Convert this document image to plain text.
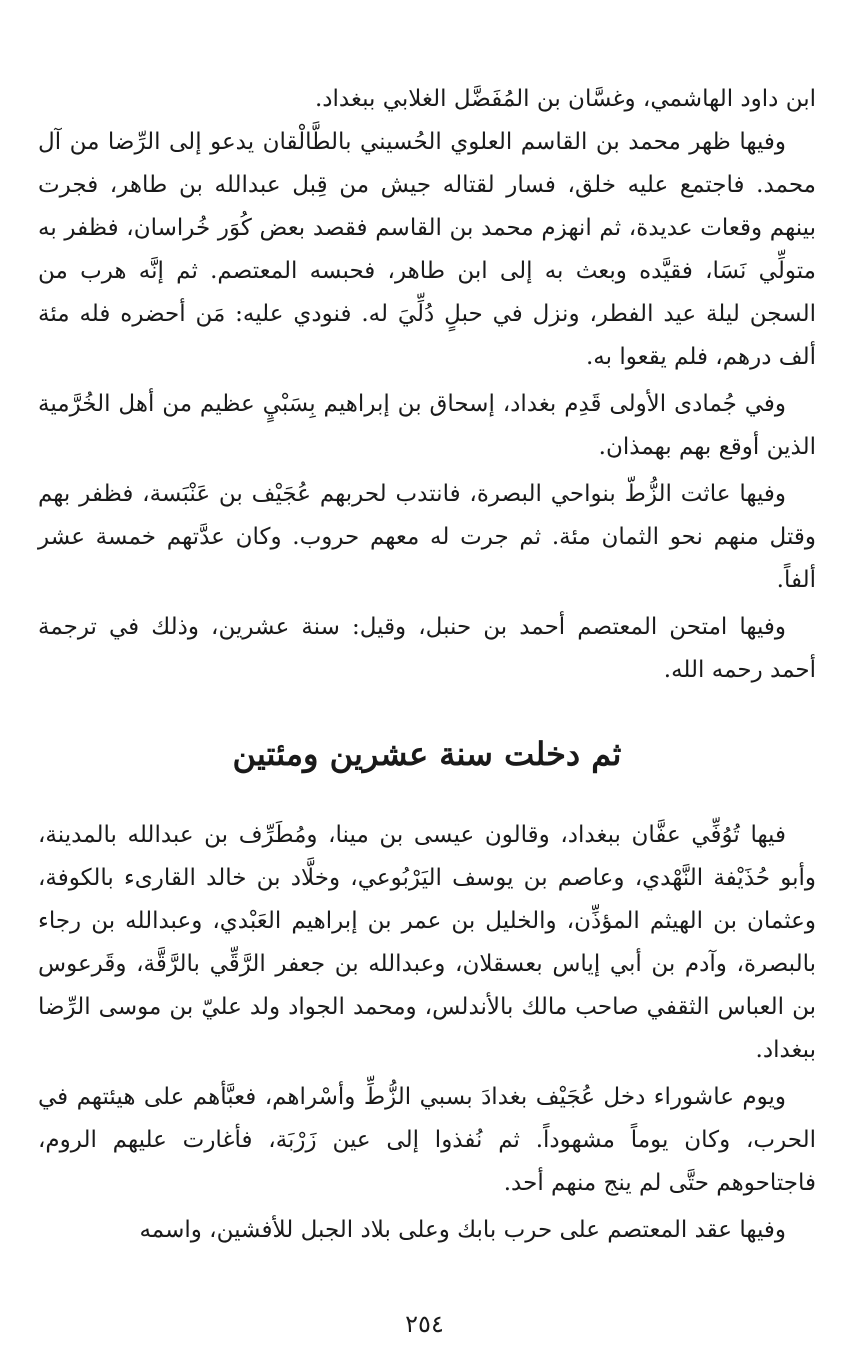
ابن داود الهاشمي، وغسَّان بن المُفَضَّل الغلابي ببغداد.

وفيها ظهر محمد بن القاسم العلوي الحُسيني بالطَّالْقان يدعو إلى الرِّضا من آل محمد. فاجتمع عليه خلق، فسار لقتاله جيش من قِبل عبدالله بن طاهر، فجرت بينهم وقعات عديدة، ثم انهزم محمد بن القاسم فقصد بعض كُوَر خُراسان، فظفر به متولِّي نَسَا، فقيَّده وبعث به إلى ابن طاهر، فحبسه المعتصم. ثم إنَّه هرب من السجن ليلة عيد الفطر، ونزل في حبلٍ دُلِّيَ له. فنودي عليه: مَن أحضره فله مئة ألف درهم، فلم يقعوا به.

وفي جُمادى الأولى قَدِم بغداد، إسحاق بن إبراهيم بِسَبْيٍ عظيم من أهل الخُرَّمية الذين أوقع بهم بهمذان.

وفيها عاثت الزُّطّ بنواحي البصرة، فانتدب لحربهم عُجَيْف بن عَنْبَسة، فظفر بهم وقتل منهم نحو الثمان مئة. ثم جرت له معهم حروب. وكان عدَّتهم خمسة عشر ألفاً.

وفيها امتحن المعتصم أحمد بن حنبل، وقيل: سنة عشرين، وذلك في ترجمة أحمد رحمه الله.

ثم دخلت سنة عشرين ومئتين

فيها تُوُفِّي عفَّان ببغداد، وقالون عيسى بن مينا، ومُطَرِّف بن عبدالله بالمدينة، وأبو حُذَيْفة النَّهْدي، وعاصم بن يوسف اليَرْبُوعي، وخلَّاد بن خالد القارىء بالكوفة، وعثمان بن الهيثم المؤذِّن، والخليل بن عمر بن إبراهيم العَبْدي، وعبدالله بن رجاء بالبصرة، وآدم بن أبي إياس بعسقلان، وعبدالله بن جعفر الرَّقِّي بالرَّقَّة، وقَرعوس بن العباس الثقفي صاحب مالك بالأندلس، ومحمد الجواد ولد عليّ بن موسى الرِّضا ببغداد.

ويوم عاشوراء دخل عُجَيْف بغدادَ بسبي الزُّطِّ وأسْراهم، فعبَّأهم على هيئتهم في الحرب، وكان يوماً مشهوداً. ثم نُفذوا إلى عين زَرْبَة، فأغارت عليهم الروم، فاجتاحوهم حتَّى لم ينج منهم أحد.

وفيها عقد المعتصم على حرب بابك وعلى بلاد الجبل للأفشين، واسمه

٢٥٤
